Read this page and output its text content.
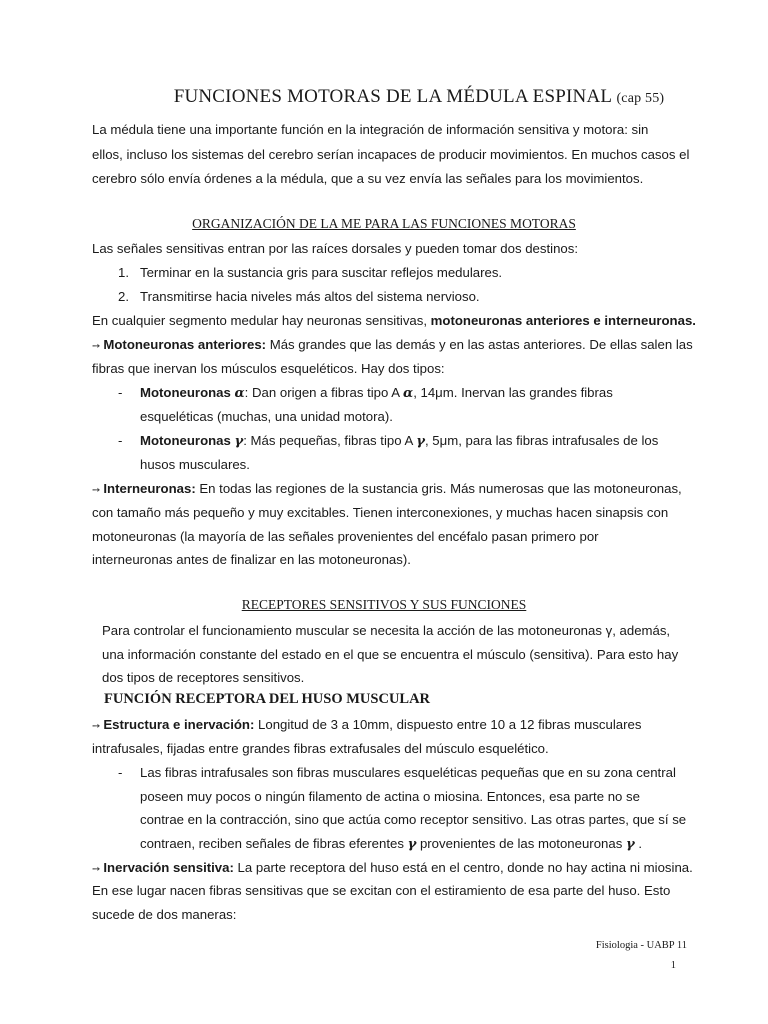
FUNCIONES MOTORAS DE LA MÉDULA ESPINAL (cap 55)
La médula tiene una importante función en la integración de información sensitiva y motora: sin
ellos, incluso los sistemas del cerebro serían incapaces de producir movimientos. En muchos casos el
cerebro sólo envía órdenes a la médula, que a su vez envía las señales para los movimientos.
ORGANIZACIÓN DE LA ME PARA LAS FUNCIONES MOTORAS
Las señales sensitivas entran por las raíces dorsales y pueden tomar dos destinos:
1. Terminar en la sustancia gris para suscitar reflejos medulares.
2. Transmitirse hacia niveles más altos del sistema nervioso.
En cualquier segmento medular hay neuronas sensitivas, motoneuronas anteriores e interneuronas.
➙ Motoneuronas anteriores: Más grandes que las demás y en las astas anteriores. De ellas salen las
fibras que inervan los músculos esqueléticos. Hay dos tipos:
- Motoneuronas α: Dan origen a fibras tipo A α, 14μm. Inervan las grandes fibras
esqueléticas (muchas, una unidad motora).
- Motoneuronas γ: Más pequeñas, fibras tipo A γ, 5μm, para las fibras intrafusales de los
husos musculares.
➙ Interneuronas: En todas las regiones de la sustancia gris. Más numerosas que las motoneuronas,
con tamaño más pequeño y muy excitables. Tienen interconexiones, y muchas hacen sinapsis con
motoneuronas (la mayoría de las señales provenientes del encéfalo pasan primero por
interneuronas antes de finalizar en las motoneuronas).
RECEPTORES SENSITIVOS Y SUS FUNCIONES
Para controlar el funcionamiento muscular se necesita la acción de las motoneuronas γ, además,
una información constante del estado en el que se encuentra el músculo (sensitiva). Para esto hay
dos tipos de receptores sensitivos.
FUNCIÓN RECEPTORA DEL HUSO MUSCULAR
➙ Estructura e inervación: Longitud de 3 a 10mm, dispuesto entre 10 a 12 fibras musculares
intrafusales, fijadas entre grandes fibras extrafusales del músculo esquelético.
- Las fibras intrafusales son fibras musculares esqueléticas pequeñas que en su zona central
poseen muy pocos o ningún filamento de actina o miosina. Entonces, esa parte no se
contrae en la contracción, sino que actúa como receptor sensitivo. Las otras partes, que sí se
contraen, reciben señales de fibras eferentes γ provenientes de las motoneuronas γ .
➙ Inervación sensitiva: La parte receptora del huso está en el centro, donde no hay actina ni miosina.
En ese lugar nacen fibras sensitivas que se excitan con el estiramiento de esa parte del huso. Esto
sucede de dos maneras:
Fisiologia - UABP 11
1
